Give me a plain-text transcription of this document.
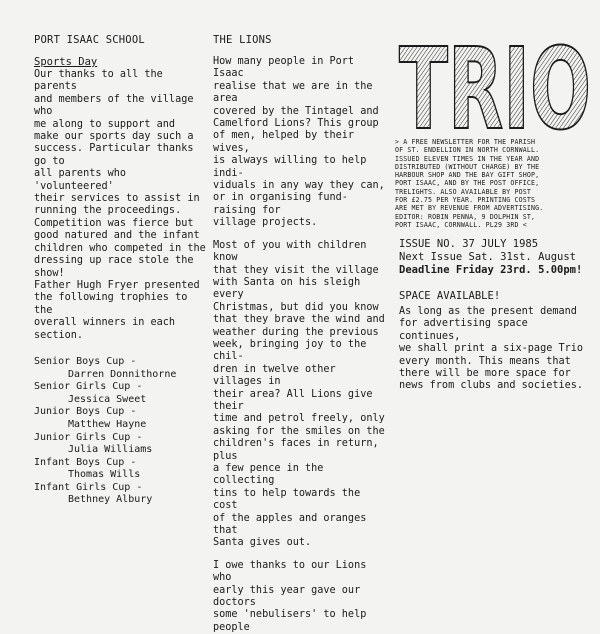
PORT ISAAC SCHOOL
Sports Day
Our thanks to all the parents
and members of the village who
me along to support and
make our sports day such a
success. Particular thanks go to
all parents who 'volunteered'
their services to assist in
running the proceedings.
Competition was fierce but
good natured and the infant
children who competed in the
dressing up race stole the show!
Father Hugh Fryer presented
the following trophies to the
overall winners in each section.
Senior Boys Cup -
Darren Donnithorne
Senior Girls Cup -
Jessica Sweet
Junior Boys Cup -
Matthew Hayne
Junior Girls Cup -
Julia Williams
Infant Boys Cup -
Thomas Wills
Infant Girls Cup -
Bethney Albury
THE LIONS
How many people in Port Isaac
realise that we are in the area
covered by the Tintagel and
Camelford Lions? This group
of men, helped by their wives,
is always willing to help indi-
viduals in any way they can,
or in organising fund-raising for
village projects.
Most of you with children know
that they visit the village
with Santa on his sleigh every
Christmas, but did you know
that they brave the wind and
weather during the previous
week, bringing joy to the chil-
dren in twelve other villages in
their area? All Lions give their
time and petrol freely, only
asking for the smiles on the
children's faces in return, plus
a few pence in the collecting
tins to help towards the cost
of the apples and oranges that
Santa gives out.
I owe thanks to our Lions who
early this year gave our doctors
some 'nebulisers' to help people
TRIO
> A FREE NEWSLETTER FOR THE PARISH
OF ST. ENDELLION IN NORTH CORNWALL.
ISSUED ELEVEN TIMES IN THE YEAR AND
DISTRIBUTED (WITHOUT CHARGE) BY THE
HARBOUR SHOP AND THE BAY GIFT SHOP,
PORT ISAAC, AND BY THE POST OFFICE,
TRELIGHTS. ALSO AVAILABLE BY POST
FOR £2.75 PER YEAR. PRINTING COSTS
ARE MET BY REVENUE FROM ADVERTISING.
EDITOR: ROBIN PENNA, 9 DOLPHIN ST,
PORT ISAAC, CORNWALL. PL29 3RD <
ISSUE NO. 37 JULY 1985
Next Issue Sat. 31st. August
Deadline Friday 23rd. 5.00pm!
SPACE AVAILABLE!

As long as the present demand
for advertising space continues,
we shall print a six-page Trio
every month. This means that
there will be more space for
news from clubs and societies.
